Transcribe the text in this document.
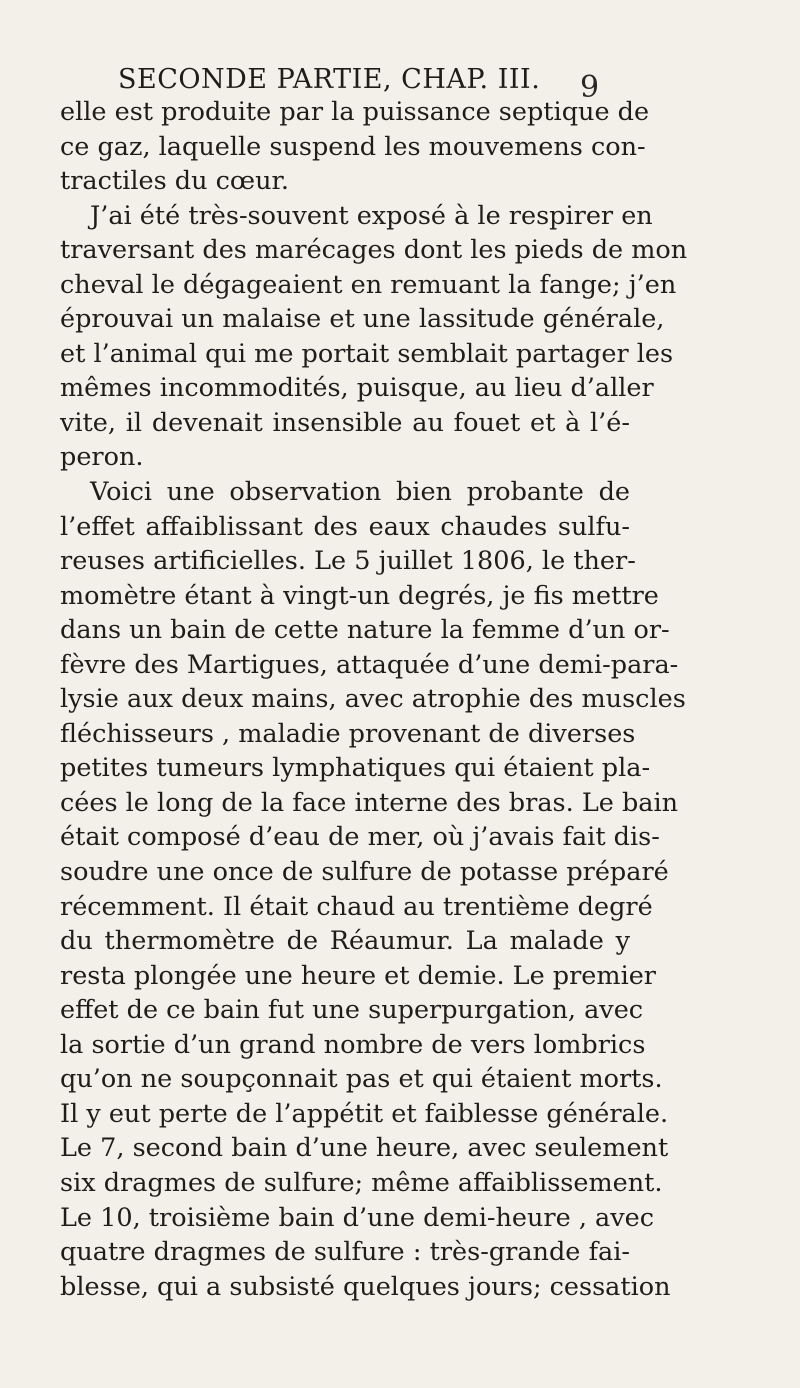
SECONDE PARTIE, CHAP. III. 9
elle est produite par la puissance septique de
ce gaz, laquelle suspend les mouvemens con-
tractiles du cœur.
J’ai été très-souvent exposé à le respirer en
traversant des marécages dont les pieds de mon
cheval le dégageaient en remuant la fange; j’en
éprouvai un malaise et une lassitude générale,
et l’animal qui me portait semblait partager les
mêmes incommodités, puisque, au lieu d’aller
vite, il devenait insensible au fouet et à l’é-
peron.
Voici une observation bien probante de
l’effet affaiblissant des eaux chaudes sulfu-
reuses artificielles. Le 5 juillet 1806, le ther-
momètre étant à vingt-un degrés, je fis mettre
dans un bain de cette nature la femme d’un or-
fèvre des Martigues, attaquée d’une demi-para-
lysie aux deux mains, avec atrophie des muscles
fléchisseurs , maladie provenant de diverses
petites tumeurs lymphatiques qui étaient pla-
cées le long de la face interne des bras. Le bain
était composé d’eau de mer, où j’avais fait dis-
soudre une once de sulfure de potasse préparé
récemment. Il était chaud au trentième degré
du thermomètre de Réaumur. La malade y
resta plongée une heure et demie. Le premier
effet de ce bain fut une superpurgation, avec
la sortie d’un grand nombre de vers lombrics
qu’on ne soupçonnait pas et qui étaient morts.
Il y eut perte de l’appétit et faiblesse générale.
Le 7, second bain d’une heure, avec seulement
six dragmes de sulfure; même affaiblissement.
Le 10, troisième bain d’une demi-heure , avec
quatre dragmes de sulfure : très-grande fai-
blesse, qui a subsisté quelques jours; cessation
